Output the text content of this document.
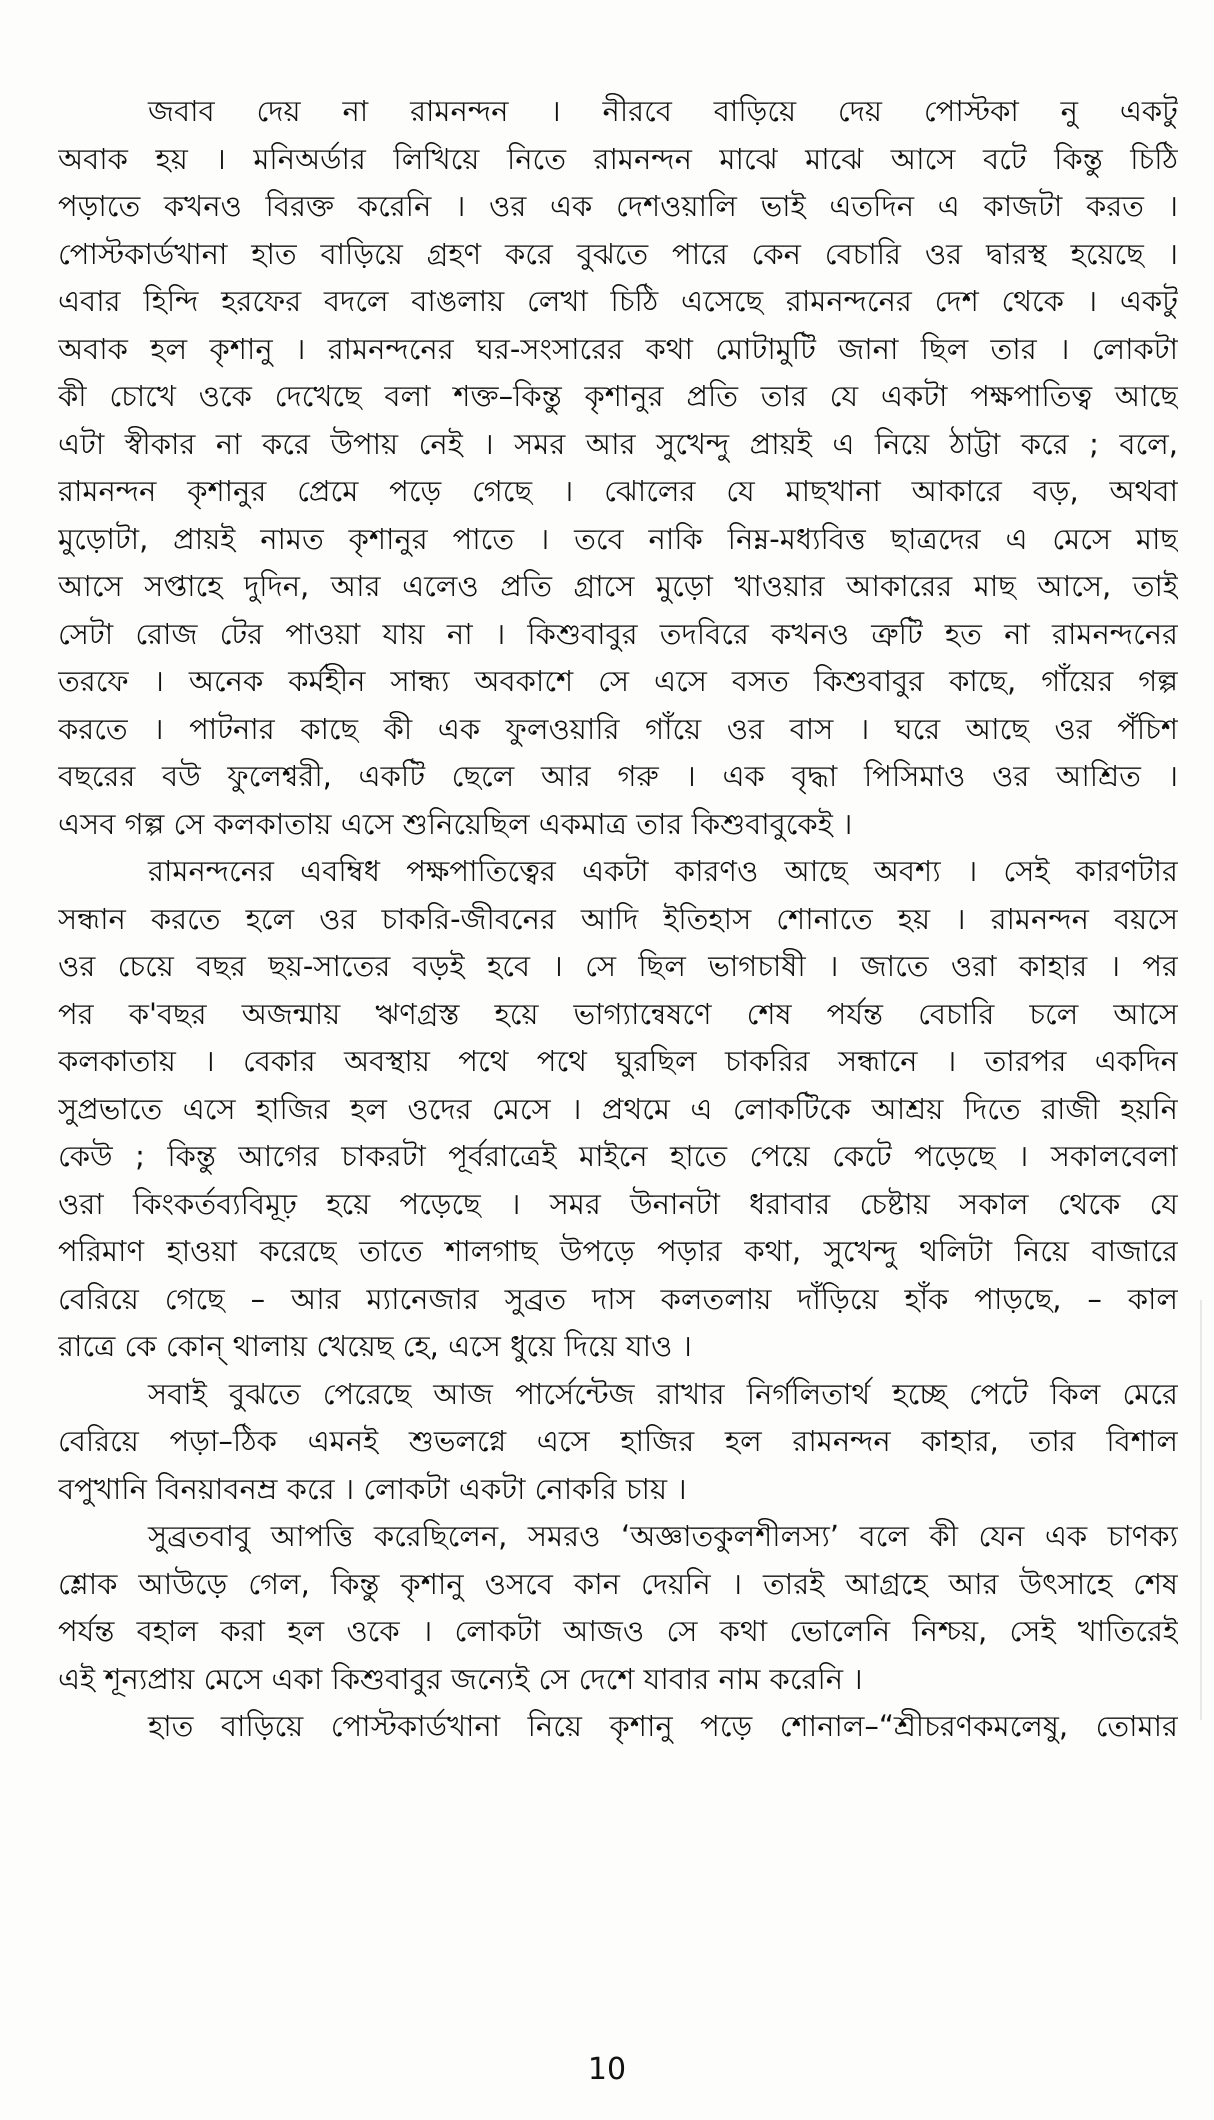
জবাব দেয় না রামনন্দন । নীরবে বাড়িয়ে দেয় পোস্টকা নু একটু
অবাক হয় । মনিঅর্ডার লিখিয়ে নিতে রামনন্দন মাঝে মাঝে আসে বটে কিন্তু চিঠি
পড়াতে কখনও বিরক্ত করেনি । ওর এক দেশওয়ালি ভাই এতদিন এ কাজটা করত ।
পোস্টকার্ডখানা হাত বাড়িয়ে গ্রহণ করে বুঝতে পারে কেন বেচারি ওর দ্বারস্থ হয়েছে ।
এবার হিন্দি হরফের বদলে বাঙলায় লেখা চিঠি এসেছে রামনন্দনের দেশ থেকে । একটু
অবাক হল কৃশানু । রামনন্দনের ঘর-সংসারের কথা মোটামুটি জানা ছিল তার । লোকটা
কী চোখে ওকে দেখেছে বলা শক্ত–কিন্তু কৃশানুর প্রতি তার যে একটা পক্ষপাতিত্ব আছে
এটা স্বীকার না করে উপায় নেই । সমর আর সুখেন্দু প্রায়ই এ নিয়ে ঠাট্টা করে ; বলে,
রামনন্দন কৃশানুর প্রেমে পড়ে গেছে । ঝোলের যে মাছখানা আকারে বড়, অথবা
মুড়োটা, প্রায়ই নামত কৃশানুর পাতে । তবে নাকি নিম্ন-মধ্যবিত্ত ছাত্রদের এ মেসে মাছ
আসে সপ্তাহে দুদিন, আর এলেও প্রতি গ্রাসে মুড়ো খাওয়ার আকারের মাছ আসে, তাই
সেটা রোজ টের পাওয়া যায় না । কিশুবাবুর তদবিরে কখনও ত্রুটি হত না রামনন্দনের
তরফে । অনেক কর্মহীন সান্ধ্য অবকাশে সে এসে বসত কিশুবাবুর কাছে, গাঁয়ের গল্প
করতে । পাটনার কাছে কী এক ফুলওয়ারি গাঁয়ে ওর বাস । ঘরে আছে ওর পঁচিশ
বছরের বউ ফুলেশ্বরী, একটি ছেলে আর গরু । এক বৃদ্ধা পিসিমাও ওর আশ্রিত ।
এসব গল্প সে কলকাতায় এসে শুনিয়েছিল একমাত্র তার কিশুবাবুকেই ।
রামনন্দনের এবম্বিধ পক্ষপাতিত্বের একটা কারণও আছে অবশ্য । সেই কারণটার
সন্ধান করতে হলে ওর চাকরি-জীবনের আদি ইতিহাস শোনাতে হয় । রামনন্দন বয়সে
ওর চেয়ে বছর ছয়-সাতের বড়ই হবে । সে ছিল ভাগচাষী । জাতে ওরা কাহার । পর
পর ক'বছর অজন্মায় ঋণগ্রস্ত হয়ে ভাগ্যান্বেষণে শেষ পর্যন্ত বেচারি চলে আসে
কলকাতায় । বেকার অবস্থায় পথে পথে ঘুরছিল চাকরির সন্ধানে । তারপর একদিন
সুপ্রভাতে এসে হাজির হল ওদের মেসে । প্রথমে এ লোকটিকে আশ্রয় দিতে রাজী হয়নি
কেউ ; কিন্তু আগের চাকরটা পূর্বরাত্রেই মাইনে হাতে পেয়ে কেটে পড়েছে । সকালবেলা
ওরা কিংকর্তব্যবিমূঢ় হয়ে পড়েছে । সমর উনানটা ধরাবার চেষ্টায় সকাল থেকে যে
পরিমাণ হাওয়া করেছে তাতে শালগাছ উপড়ে পড়ার কথা, সুখেন্দু থলিটা নিয়ে বাজারে
বেরিয়ে গেছে – আর ম্যানেজার সুব্রত দাস কলতলায় দাঁড়িয়ে হাঁক পাড়ছে, – কাল
রাত্রে কে কোন্ থালায় খেয়েছ হে, এসে ধুয়ে দিয়ে যাও ।
সবাই বুঝতে পেরেছে আজ পার্সেন্টেজ রাখার নির্গলিতার্থ হচ্ছে পেটে কিল মেরে
বেরিয়ে পড়া–ঠিক এমনই শুভলগ্নে এসে হাজির হল রামনন্দন কাহার, তার বিশাল
বপুখানি বিনয়াবনম্র করে । লোকটা একটা নোকরি চায় ।
সুব্রতবাবু আপত্তি করেছিলেন, সমরও ‘অজ্ঞাতকুলশীলস্য’ বলে কী যেন এক চাণক্য
শ্লোক আউড়ে গেল, কিন্তু কৃশানু ওসবে কান দেয়নি । তারই আগ্রহে আর উৎসাহে শেষ
পর্যন্ত বহাল করা হল ওকে । লোকটা আজও সে কথা ভোলেনি নিশ্চয়, সেই খাতিরেই
এই শূন্যপ্রায় মেসে একা কিশুবাবুর জন্যেই সে দেশে যাবার নাম করেনি ।
হাত বাড়িয়ে পোস্টকার্ডখানা নিয়ে কৃশানু পড়ে শোনাল–“শ্রীচরণকমলেষু, তোমার
10
